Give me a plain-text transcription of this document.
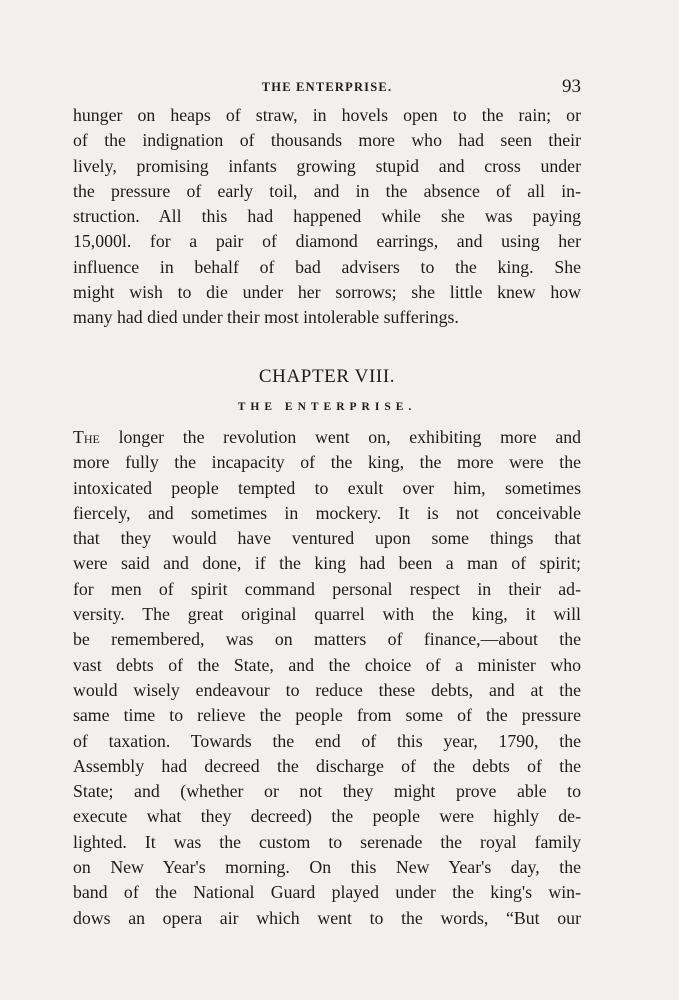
THE ENTERPRISE.	93
hunger on heaps of straw, in hovels open to the rain; or
of the indignation of thousands more who had seen their
lively, promising infants growing stupid and cross under
the pressure of early toil, and in the absence of all in-
struction. All this had happened while she was paying
15,000l. for a pair of diamond earrings, and using her
influence in behalf of bad advisers to the king. She
might wish to die under her sorrows; she little knew how
many had died under their most intolerable sufferings.
CHAPTER VIII.
THE ENTERPRISE.
The longer the revolution went on, exhibiting more and
more fully the incapacity of the king, the more were the
intoxicated people tempted to exult over him, sometimes
fiercely, and sometimes in mockery. It is not conceivable
that they would have ventured upon some things that
were said and done, if the king had been a man of spirit;
for men of spirit command personal respect in their ad-
versity. The great original quarrel with the king, it will
be remembered, was on matters of finance,—about the
vast debts of the State, and the choice of a minister who
would wisely endeavour to reduce these debts, and at the
same time to relieve the people from some of the pressure
of taxation. Towards the end of this year, 1790, the
Assembly had decreed the discharge of the debts of the
State; and (whether or not they might prove able to
execute what they decreed) the people were highly de-
lighted. It was the custom to serenade the royal family
on New Year's morning. On this New Year's day, the
band of the National Guard played under the king's win-
dows an opera air which went to the words, “But our
